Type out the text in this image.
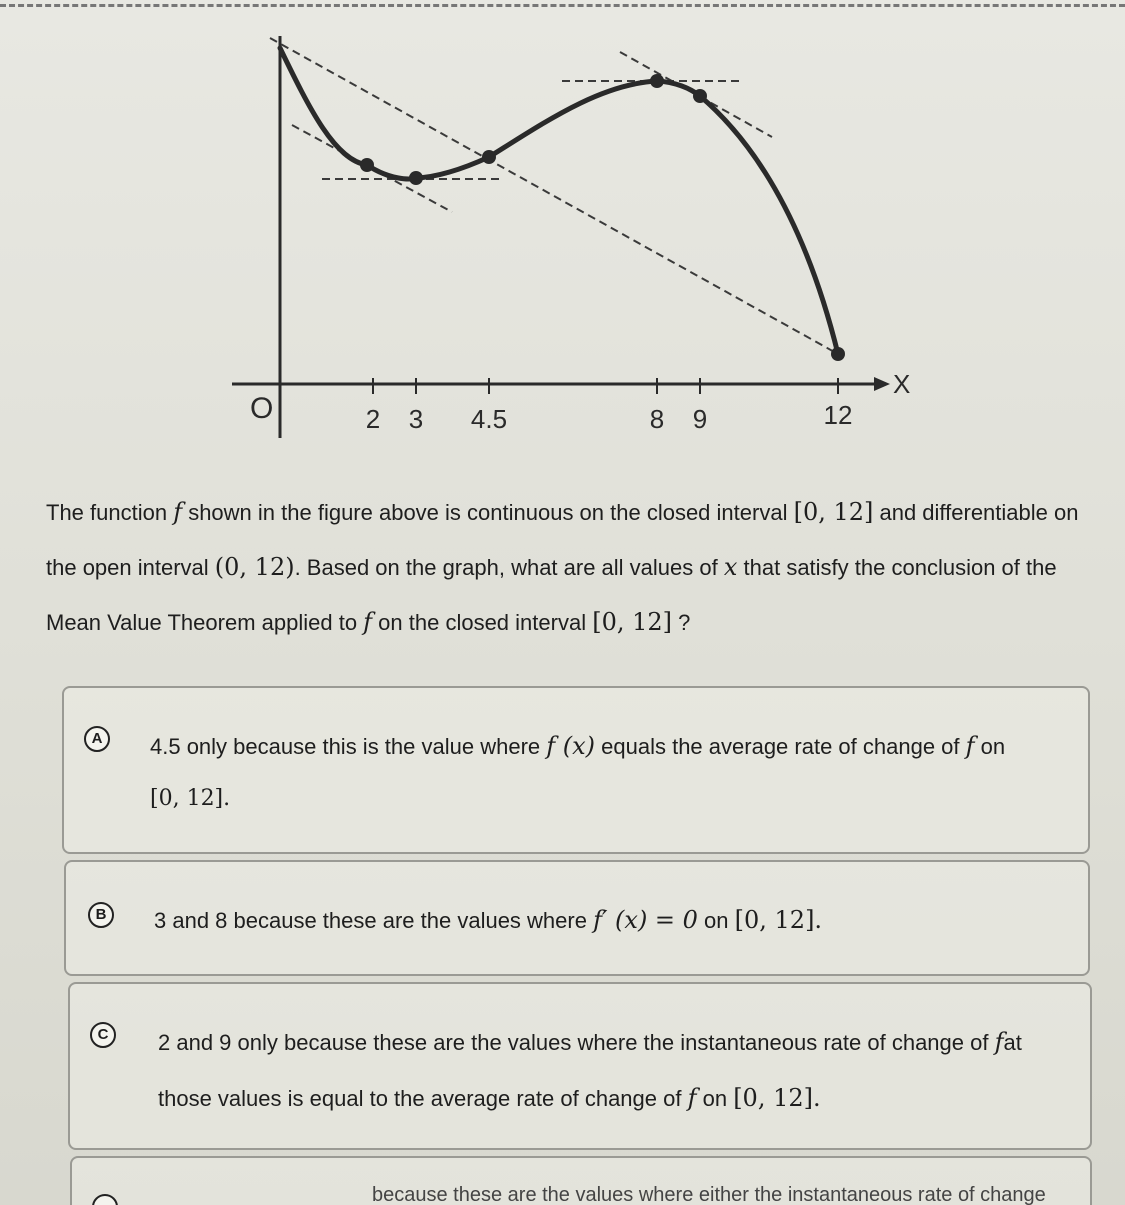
X
O	2 3 4.5	8 9	12
The function f shown in the figure above is continuous on the closed interval [0, 12] and differentiable on
the open interval (0, 12). Based on the graph, what are all values of x that satisfy the conclusion of the
Mean Value Theorem applied to f on the closed interval [0, 12] ?
A	4.5 only because this is the value where f (x) equals the average rate of change of f on
[0, 12].
B	3 and 8 because these are the values where f′ (x) = 0 on [0, 12].
C	2 and 9 only because these are the values where the instantaneous rate of change of fat
those values is equal to the average rate of change of f on [0, 12].
because these are the values where either the instantaneous rate of change
